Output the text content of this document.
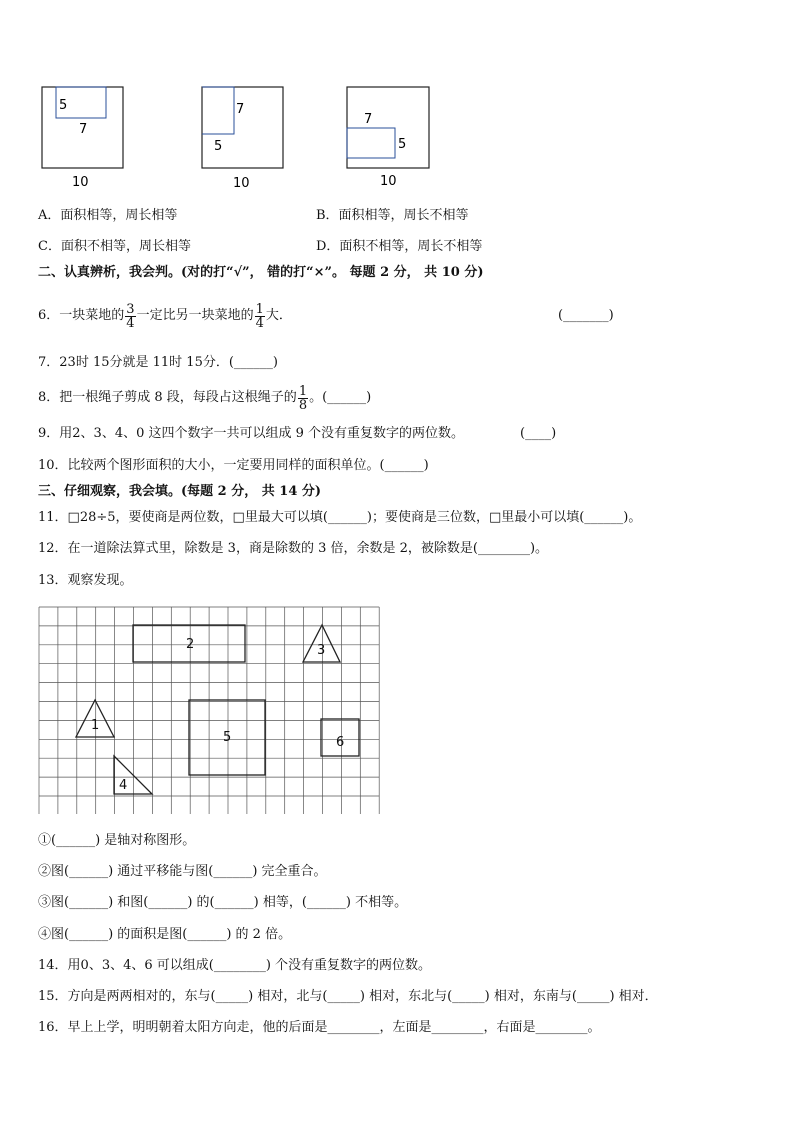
5
7
10
7
5
10
7
5
10
A．面积相等，周长相等	B．面积相等，周长不相等
C．面积不相等，周长相等	D．面积不相等，周长不相等
二、认真辨析，我会判。(对的打“√”， 错的打“×”。 每题 2 分， 共 10 分)
6．一块菜地的 $\frac{3}{4}$ 一定比另一块菜地的 $\frac{1}{4}$ 大．	(_______)
7．23时 15分就是 11时 15分．(______)
8．把一根绳子剪成 8 段，每段占这根绳子的 $\frac{1}{8}$ 。(______)
9．用2、3、4、0 这四个数字一共可以组成 9 个没有重复数字的两位数。	(____)
10．比较两个图形面积的大小，一定要用同样的面积单位。(______)
三、仔细观察，我会填。(每题 2 分， 共 14 分)
11．□28÷5，要使商是两位数，□里最大可以填(______)；要使商是三位数，□里最小可以填(______)。
12．在一道除法算式里，除数是 3，商是除数的 3 倍，余数是 2，被除数是(________)。
13．观察发现。
2	3
1
4
5	6
①(______) 是轴对称图形。
②图(______) 通过平移能与图(______) 完全重合。
③图(______) 和图(______) 的(______) 相等，(______) 不相等。
④图(______) 的面积是图(______) 的 2 倍。
14．用0、3、4、6 可以组成(________) 个没有重复数字的两位数。
15．方向是两两相对的，东与(_____) 相对，北与(_____) 相对，东北与(_____) 相对，东南与(_____) 相对．
16．早上上学，明明朝着太阳方向走，他的后面是________，左面是________，右面是________。
